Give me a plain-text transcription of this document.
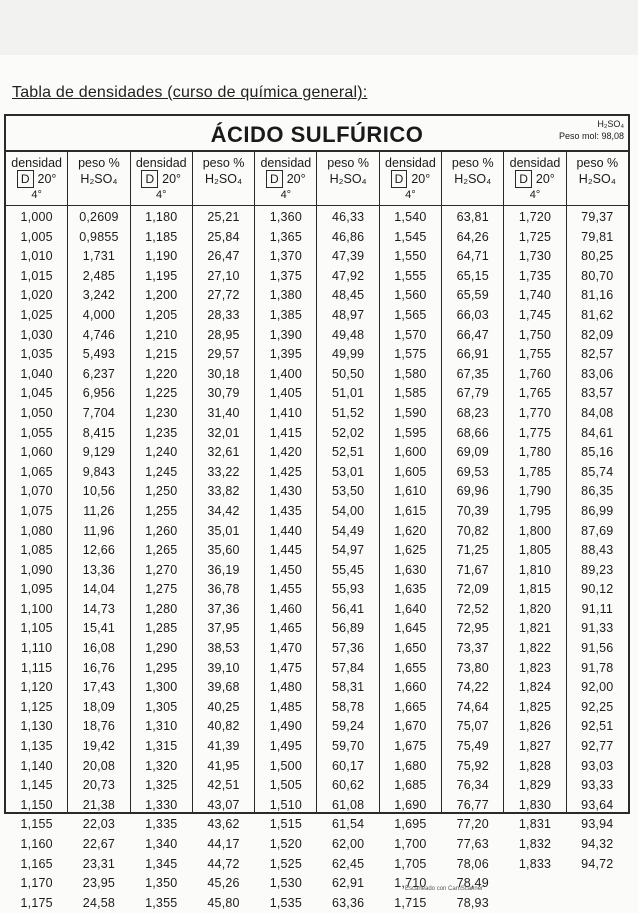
Tabla de densidades (curso de química general):
ÁCIDO SULFÚRICO	H₂SO₄
Peso mol: 98,08
densidad
D 20°
4°
1,000
1,005
1,010
1,015
1,020
1,025
1,030
1,035
1,040
1,045
1,050
1,055
1,060
1,065
1,070
1,075
1,080
1,085
1,090
1,095
1,100
1,105
1,110
1,115
1,120
1,125
1,130
1,135
1,140
1,145
1,150
1,155
1,160
1,165
1,170
1,175
peso %
H₂SO₄
0,2609
0,9855
1,731
2,485
3,242
4,000
4,746
5,493
6,237
6,956
7,704
8,415
9,129
9,843
10,56
11,26
11,96
12,66
13,36
14,04
14,73
15,41
16,08
16,76
17,43
18,09
18,76
19,42
20,08
20,73
21,38
22,03
22,67
23,31
23,95
24,58
densidad
D 20°
4°
1,180
1,185
1,190
1,195
1,200
1,205
1,210
1,215
1,220
1,225
1,230
1,235
1,240
1,245
1,250
1,255
1,260
1,265
1,270
1,275
1,280
1,285
1,290
1,295
1,300
1,305
1,310
1,315
1,320
1,325
1,330
1,335
1,340
1,345
1,350
1,355
peso %
H₂SO₄
25,21
25,84
26,47
27,10
27,72
28,33
28,95
29,57
30,18
30,79
31,40
32,01
32,61
33,22
33,82
34,42
35,01
35,60
36,19
36,78
37,36
37,95
38,53
39,10
39,68
40,25
40,82
41,39
41,95
42,51
43,07
43,62
44,17
44,72
45,26
45,80
densidad
D 20°
4°
1,360
1,365
1,370
1,375
1,380
1,385
1,390
1,395
1,400
1,405
1,410
1,415
1,420
1,425
1,430
1,435
1,440
1,445
1,450
1,455
1,460
1,465
1,470
1,475
1,480
1,485
1,490
1,495
1,500
1,505
1,510
1,515
1,520
1,525
1,530
1,535
peso %
H₂SO₄
46,33
46,86
47,39
47,92
48,45
48,97
49,48
49,99
50,50
51,01
51,52
52,02
52,51
53,01
53,50
54,00
54,49
54,97
55,45
55,93
56,41
56,89
57,36
57,84
58,31
58,78
59,24
59,70
60,17
60,62
61,08
61,54
62,00
62,45
62,91
63,36
densidad
D 20°
4°
1,540
1,545
1,550
1,555
1,560
1,565
1,570
1,575
1,580
1,585
1,590
1,595
1,600
1,605
1,610
1,615
1,620
1,625
1,630
1,635
1,640
1,645
1,650
1,655
1,660
1,665
1,670
1,675
1,680
1,685
1,690
1,695
1,700
1,705
1,710
1,715
peso %
H₂SO₄
63,81
64,26
64,71
65,15
65,59
66,03
66,47
66,91
67,35
67,79
68,23
68,66
69,09
69,53
69,96
70,39
70,82
71,25
71,67
72,09
72,52
72,95
73,37
73,80
74,22
74,64
75,07
75,49
75,92
76,34
76,77
77,20
77,63
78,06
78,49
78,93
densidad
D 20°
4°
1,720
1,725
1,730
1,735
1,740
1,745
1,750
1,755
1,760
1,765
1,770
1,775
1,780
1,785
1,790
1,795
1,800
1,805
1,810
1,815
1,820
1,821
1,822
1,823
1,824
1,825
1,826
1,827
1,828
1,829
1,830
1,831
1,832
1,833
peso %
H₂SO₄
79,37
79,81
80,25
80,70
81,16
81,62
82,09
82,57
83,06
83,57
84,08
84,61
85,16
85,74
86,35
86,99
87,69
88,43
89,23
90,12
91,11
91,33
91,56
91,78
92,00
92,25
92,51
92,77
93,03
93,33
93,64
93,94
94,32
94,72
Escaneado con CamScanner
